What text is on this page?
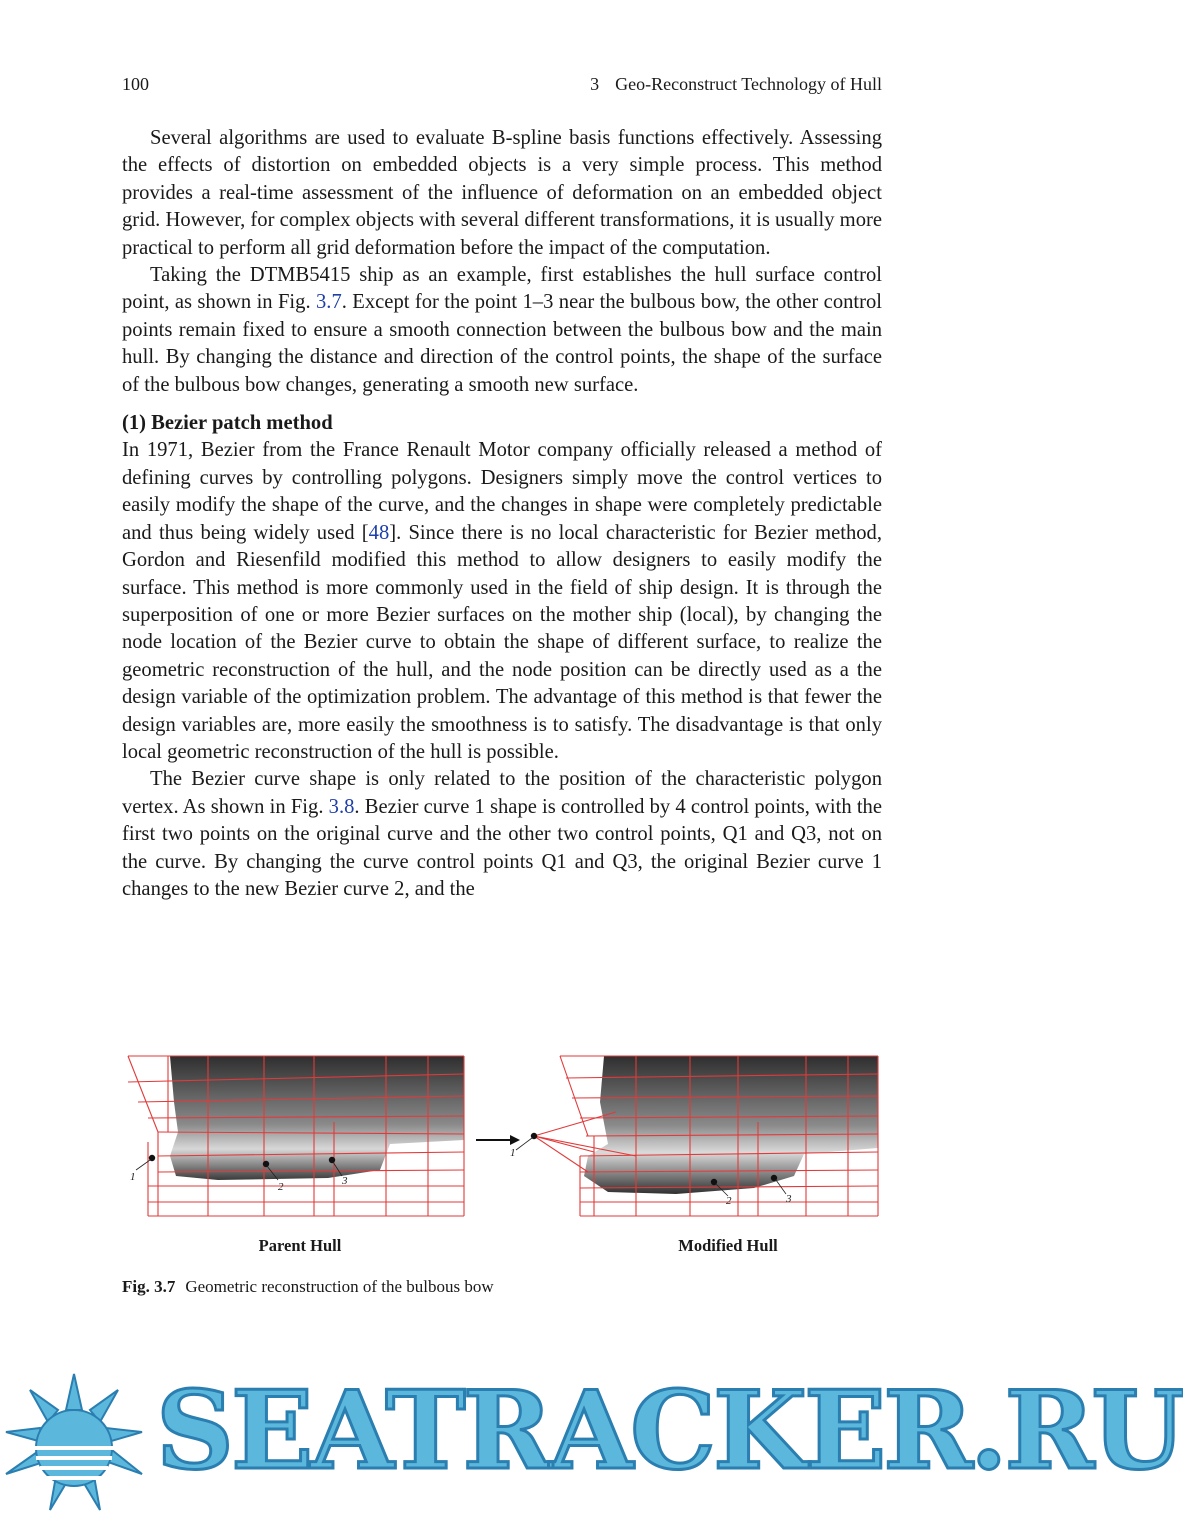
100	3 Geo-Reconstruct Technology of Hull

Several algorithms are used to evaluate B-spline basis functions effectively. Assessing the effects of distortion on embedded objects is a very simple process. This method provides a real-time assessment of the influence of deformation on an embedded object grid. However, for complex objects with several different transformations, it is usually more practical to perform all grid deformation before the impact of the computation.

Taking the DTMB5415 ship as an example, first establishes the hull surface control point, as shown in Fig. 3.7. Except for the point 1–3 near the bulbous bow, the other control points remain fixed to ensure a smooth connection between the bulbous bow and the main hull. By changing the distance and direction of the control points, the shape of the surface of the bulbous bow changes, generating a smooth new surface.

(1) Bezier patch method

In 1971, Bezier from the France Renault Motor company officially released a method of defining curves by controlling polygons. Designers simply move the control vertices to easily modify the shape of the curve, and the changes in shape were completely predictable and thus being widely used [48]. Since there is no local characteristic for Bezier method, Gordon and Riesenfild modified this method to allow designers to easily modify the surface. This method is more commonly used in the field of ship design. It is through the superposition of one or more Bezier surfaces on the mother ship (local), by changing the node location of the Bezier curve to obtain the shape of different surface, to realize the geometric reconstruction of the hull, and the node position can be directly used as a the design variable of the optimization problem. The advantage of this method is that fewer the design variables are, more easily the smoothness is to satisfy. The disadvantage is that only local geometric reconstruction of the hull is possible.

The Bezier curve shape is only related to the position of the characteristic polygon vertex. As shown in Fig. 3.8. Bezier curve 1 shape is controlled by 4 control points, with the first two points on the original curve and the other two control points, Q1 and Q3, not on the curve. By changing the curve control points Q1 and Q3, the original Bezier curve 1 changes to the new Bezier curve 2, and the

1
2	3
1
2	3
Parent Hull	Modified Hull
Fig. 3.7 Geometric reconstruction of the bulbous bow
SEATRACKER.RU
